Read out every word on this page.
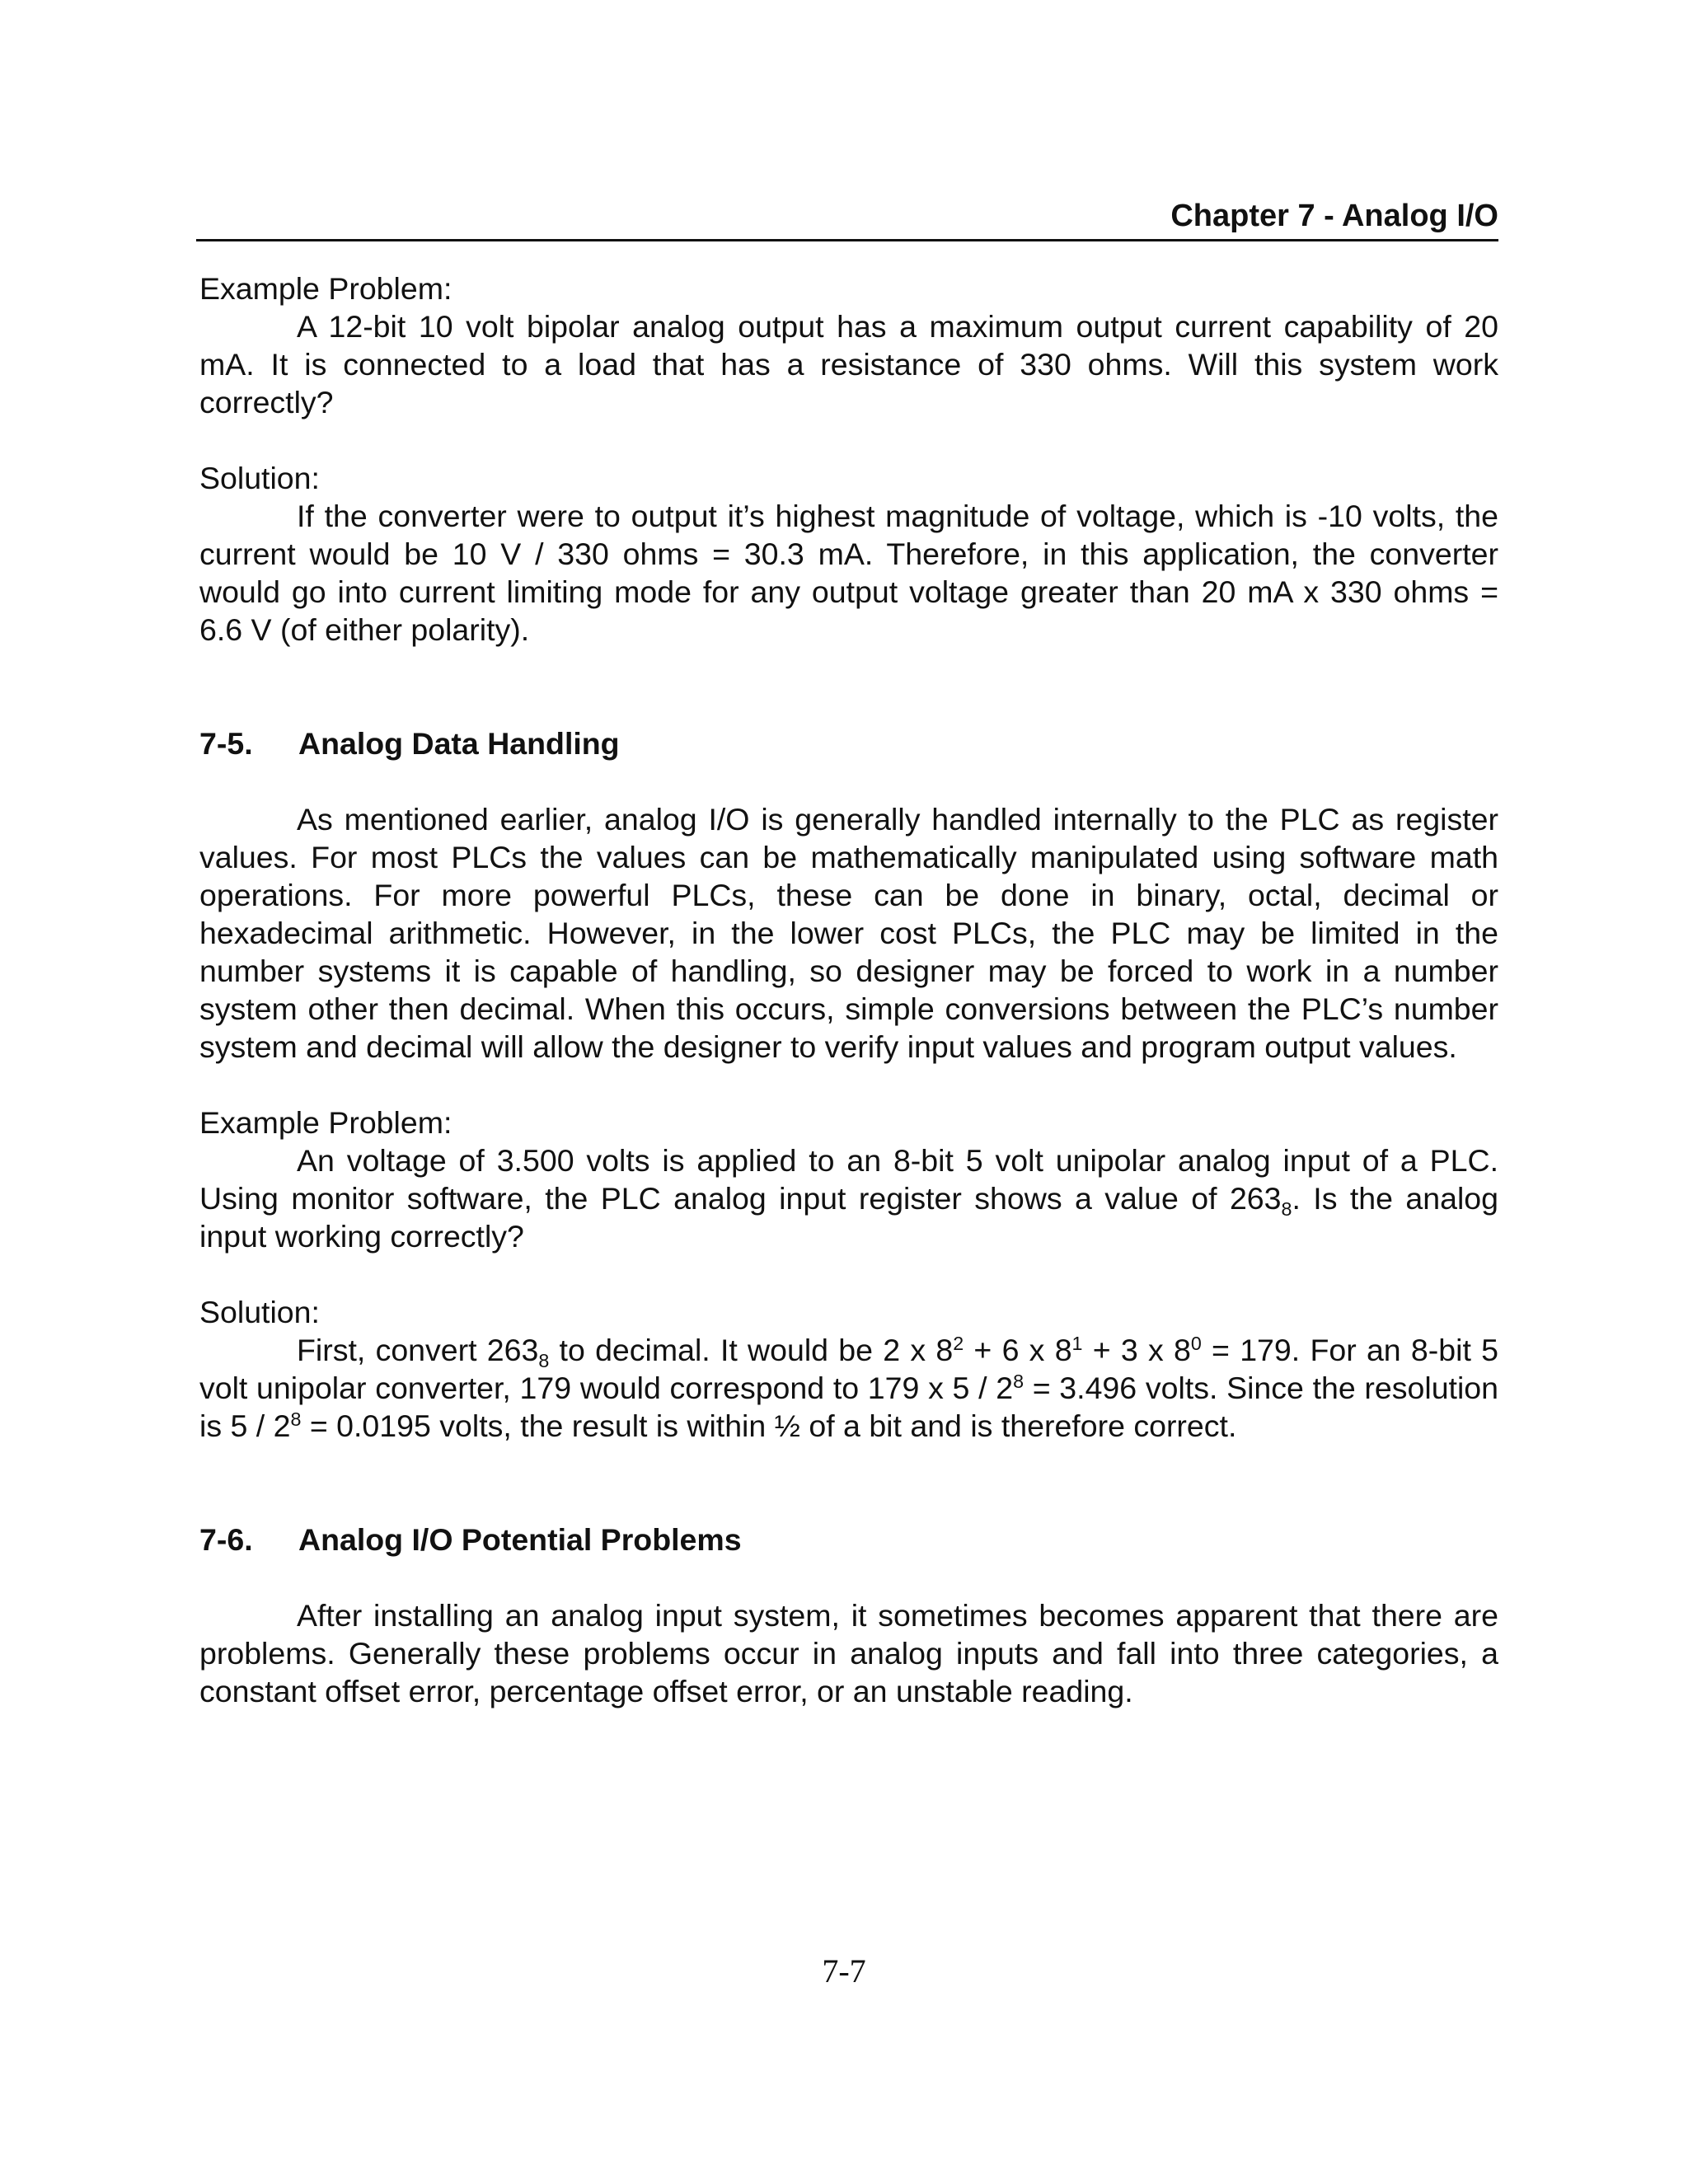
Chapter 7 - Analog I/O

Example Problem:

A 12-bit 10 volt bipolar analog output has a maximum output current capability of 20 mA. It is connected to a load that has a resistance of 330 ohms. Will this system work correctly?

Solution:

If the converter were to output it’s highest magnitude of voltage, which is -10 volts, the current would be 10 V / 330 ohms = 30.3 mA. Therefore, in this application, the converter would go into current limiting mode for any output voltage greater than 20 mA x 330 ohms = 6.6 V (of either polarity).

7-5.	Analog Data Handling

As mentioned earlier, analog I/O is generally handled internally to the PLC as register values. For most PLCs the values can be mathematically manipulated using software math operations. For more powerful PLCs, these can be done in binary, octal, decimal or hexadecimal arithmetic. However, in the lower cost PLCs, the PLC may be limited in the number systems it is capable of handling, so designer may be forced to work in a number system other then decimal. When this occurs, simple conversions between the PLC’s number system and decimal will allow the designer to verify input values and program output values.

Example Problem:

An voltage of 3.500 volts is applied to an 8-bit 5 volt unipolar analog input of a PLC. Using monitor software, the PLC analog input register shows a value of $263_8$. Is the analog input working correctly?

Solution:

First, convert $263_8$ to decimal. It would be 2 x $8^2 + 6$ x $8^1 + 3$ x $8^0 = 179$. For an 8-bit 5 volt unipolar converter, 179 would correspond to 179 x $5 / 2^8 = 3.496$ volts. Since the resolution is $5 / 2^8 = 0.0195$ volts, the result is within ½ of a bit and is therefore correct.

7-6.	Analog I/O Potential Problems

After installing an analog input system, it sometimes becomes apparent that there are problems. Generally these problems occur in analog inputs and fall into three categories, a constant offset error, percentage offset error, or an unstable reading.

7-7
